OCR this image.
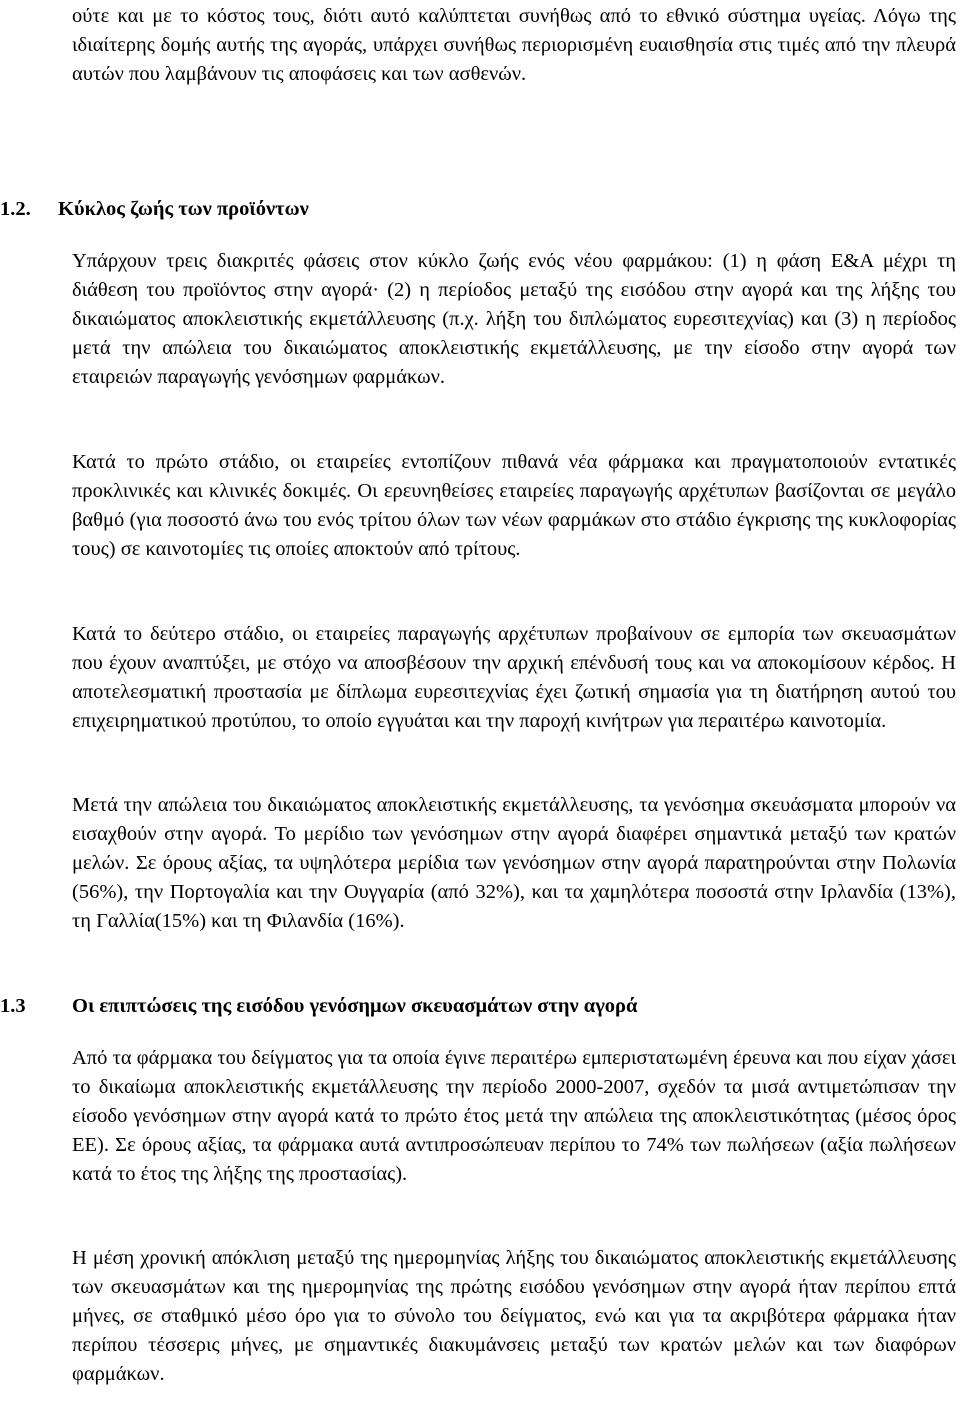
ούτε και με το κόστος τους, διότι αυτό καλύπτεται συνήθως από το εθνικό σύστημα υγείας. Λόγω της ιδιαίτερης δομής αυτής της αγοράς, υπάρχει συνήθως περιορισμένη ευαισθησία στις τιμές από την πλευρά αυτών που λαμβάνουν τις αποφάσεις και των ασθενών.

1.2. Κύκλος ζωής των προϊόντων

Υπάρχουν τρεις διακριτές φάσεις στον κύκλο ζωής ενός νέου φαρμάκου: (1) η φάση Ε&Α μέχρι τη διάθεση του προϊόντος στην αγορά· (2) η περίοδος μεταξύ της εισόδου στην αγορά και της λήξης του δικαιώματος αποκλειστικής εκμετάλλευσης (π.χ. λήξη του διπλώματος ευρεσιτεχνίας) και (3) η περίοδος μετά την απώλεια του δικαιώματος αποκλειστικής εκμετάλλευσης, με την είσοδο στην αγορά των εταιρειών παραγωγής γενόσημων φαρμάκων.

Κατά το πρώτο στάδιο, οι εταιρείες εντοπίζουν πιθανά νέα φάρμακα και πραγματοποιούν εντατικές προκλινικές και κλινικές δοκιμές. Οι ερευνηθείσες εταιρείες παραγωγής αρχέτυπων βασίζονται σε μεγάλο βαθμό (για ποσοστό άνω του ενός τρίτου όλων των νέων φαρμάκων στο στάδιο έγκρισης της κυκλοφορίας τους) σε καινοτομίες τις οποίες αποκτούν από τρίτους.

Κατά το δεύτερο στάδιο, οι εταιρείες παραγωγής αρχέτυπων προβαίνουν σε εμπορία των σκευασμάτων που έχουν αναπτύξει, με στόχο να αποσβέσουν την αρχική επένδυσή τους και να αποκομίσουν κέρδος. Η αποτελεσματική προστασία με δίπλωμα ευρεσιτεχνίας έχει ζωτική σημασία για τη διατήρηση αυτού του επιχειρηματικού προτύπου, το οποίο εγγυάται και την παροχή κινήτρων για περαιτέρω καινοτομία.

Μετά την απώλεια του δικαιώματος αποκλειστικής εκμετάλλευσης, τα γενόσημα σκευάσματα μπορούν να εισαχθούν στην αγορά. Το μερίδιο των γενόσημων στην αγορά διαφέρει σημαντικά μεταξύ των κρατών μελών. Σε όρους αξίας, τα υψηλότερα μερίδια των γενόσημων στην αγορά παρατηρούνται στην Πολωνία (56%), την Πορτογαλία και την Ουγγαρία (από 32%), και τα χαμηλότερα ποσοστά στην Ιρλανδία (13%), τη Γαλλία(15%) και τη Φιλανδία (16%).

1.3 Οι επιπτώσεις της εισόδου γενόσημων σκευασμάτων στην αγορά

Από τα φάρμακα του δείγματος για τα οποία έγινε περαιτέρω εμπεριστατωμένη έρευνα και που είχαν χάσει το δικαίωμα αποκλειστικής εκμετάλλευσης την περίοδο 2000-2007, σχεδόν τα μισά αντιμετώπισαν την είσοδο γενόσημων στην αγορά κατά το πρώτο έτος μετά την απώλεια της αποκλειστικότητας (μέσος όρος ΕΕ). Σε όρους αξίας, τα φάρμακα αυτά αντιπροσώπευαν περίπου το 74% των πωλήσεων (αξία πωλήσεων κατά το έτος της λήξης της προστασίας).

Η μέση χρονική απόκλιση μεταξύ της ημερομηνίας λήξης του δικαιώματος αποκλειστικής εκμετάλλευσης των σκευασμάτων και της ημερομηνίας της πρώτης εισόδου γενόσημων στην αγορά ήταν περίπου επτά μήνες, σε σταθμικό μέσο όρο για το σύνολο του δείγματος, ενώ και για τα ακριβότερα φάρμακα ήταν περίπου τέσσερις μήνες, με σημαντικές διακυμάνσεις μεταξύ των κρατών μελών και των διαφόρων φαρμάκων.
